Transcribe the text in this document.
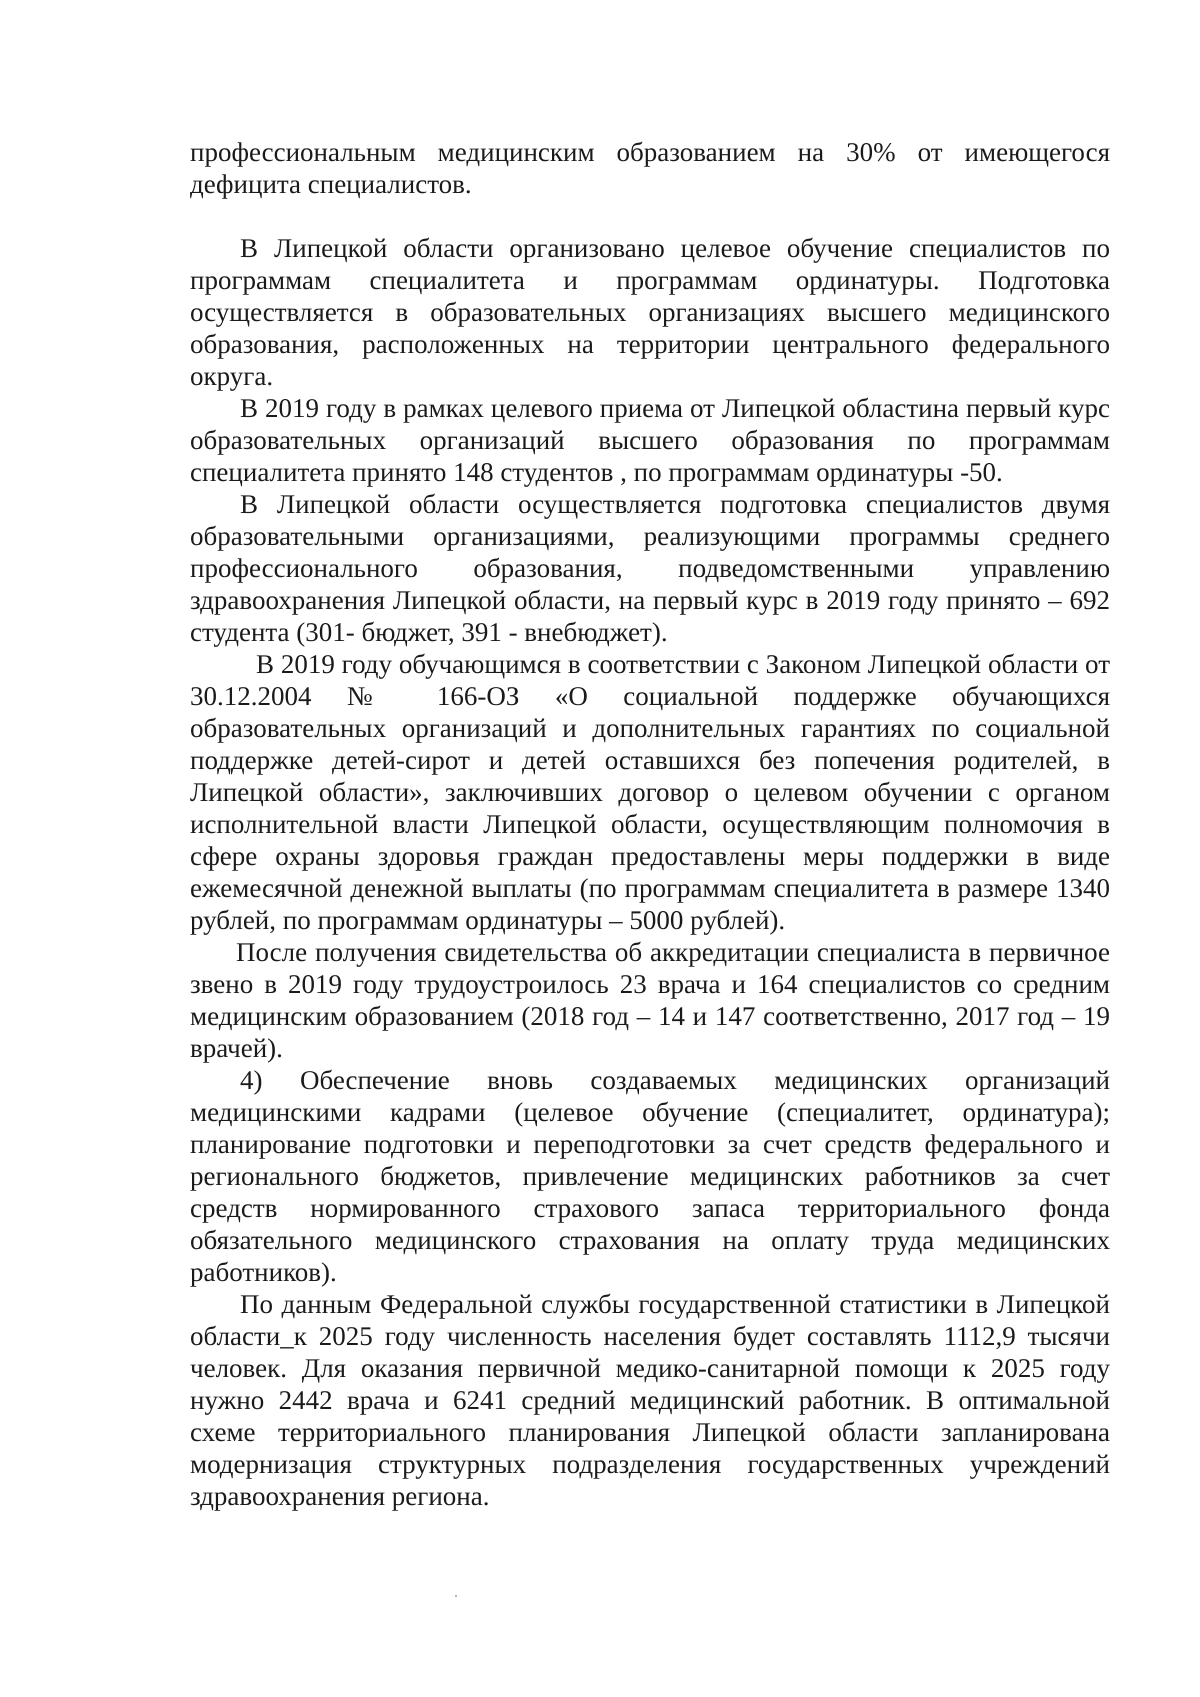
профессиональным медицинским образованием на 30% от имеющегося дефицита специалистов.

В Липецкой области организовано целевое обучение специалистов по программам специалитета и программам ординатуры. Подготовка осуществляется в образовательных организациях высшего медицинского образования, расположенных на территории центрального федерального округа.

В 2019 году в рамках целевого приема от Липецкой областина первый курс образовательных организаций высшего образования по программам специалитета принято 148 студентов , по программам ординатуры -50.

В Липецкой области осуществляется подготовка специалистов двумя образовательными организациями, реализующими программы среднего профессионального образования, подведомственными управлению здравоохранения Липецкой области, на первый курс в 2019 году принято – 692 студента (301- бюджет, 391 - внебюджет).

В 2019 году обучающимся в соответствии с Законом Липецкой области от 30.12.2004 № 166-ОЗ «О социальной поддержке обучающихся образовательных организаций и дополнительных гарантиях по социальной поддержке детей-сирот и детей оставшихся без попечения родителей, в Липецкой области», заключивших договор о целевом обучении с органом исполнительной власти Липецкой области, осуществляющим полномочия в сфере охраны здоровья граждан предоставлены меры поддержки в виде ежемесячной денежной выплаты (по программам специалитета в размере 1340 рублей, по программам ординатуры – 5000 рублей).

После получения свидетельства об аккредитации специалиста в первичное звено в 2019 году трудоустроилось 23 врача и 164 специалистов со средним медицинским образованием (2018 год – 14 и 147 соответственно, 2017 год – 19 врачей).

4) Обеспечение вновь создаваемых медицинских организаций медицинскими кадрами (целевое обучение (специалитет, ординатура); планирование подготовки и переподготовки за счет средств федерального и регионального бюджетов, привлечение медицинских работников за счет средств нормированного страхового запаса территориального фонда обязательного медицинского страхования на оплату труда медицинских работников).

По данным Федеральной службы государственной статистики в Липецкой области_к 2025 году численность населения будет составлять 1112,9 тысячи человек. Для оказания первичной медико-санитарной помощи к 2025 году нужно 2442 врача и 6241 средний медицинский работник. В оптимальной схеме территориального планирования Липецкой области запланирована модернизация структурных подразделения государственных учреждений здравоохранения региона.
